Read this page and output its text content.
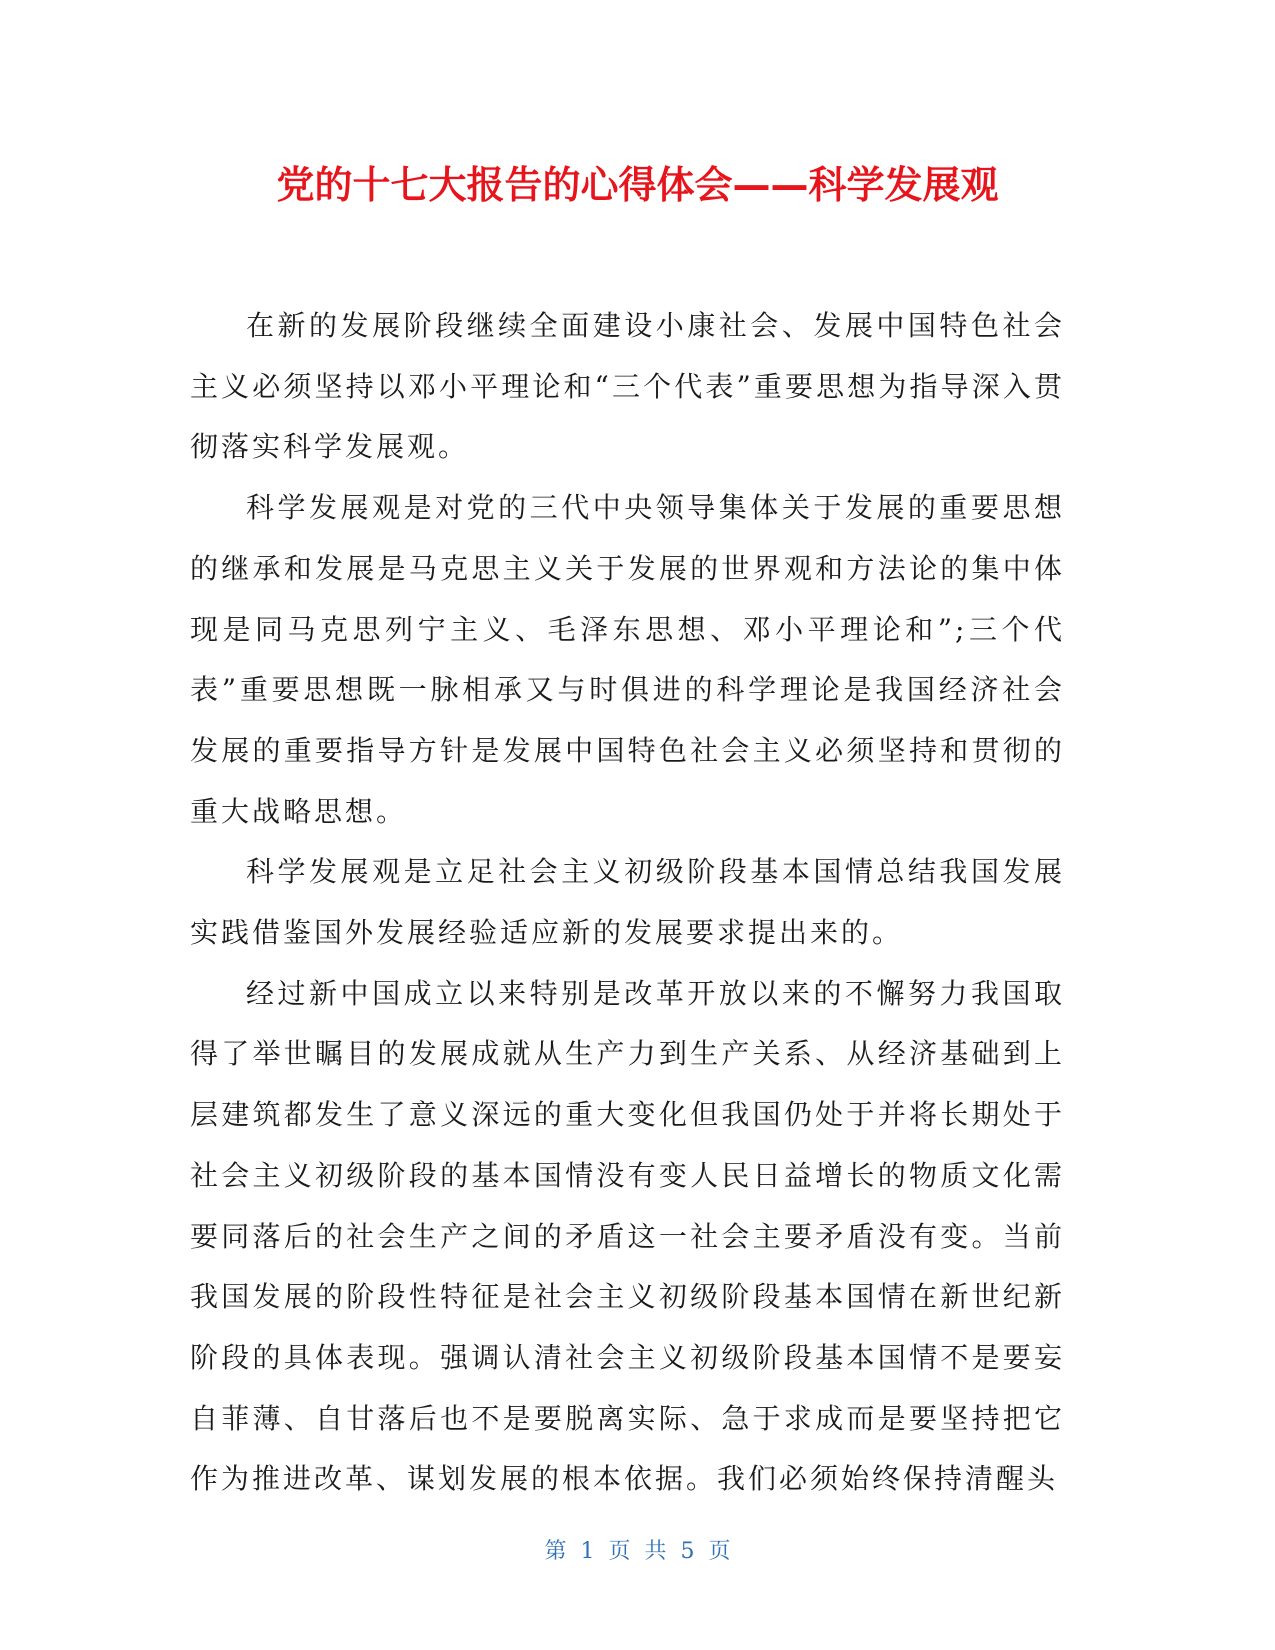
党的十七大报告的心得体会——科学发展观

在新的发展阶段继续全面建设小康社会、发展中国特色社会主义必须坚持以邓小平理论和“三个代表”重要思想为指导深入贯彻落实科学发展观。

科学发展观是对党的三代中央领导集体关于发展的重要思想的继承和发展是马克思主义关于发展的世界观和方法论的集中体现是同马克思列宁主义、毛泽东思想、邓小平理论和”;三个代表”重要思想既一脉相承又与时俱进的科学理论是我国经济社会发展的重要指导方针是发展中国特色社会主义必须坚持和贯彻的重大战略思想。

科学发展观是立足社会主义初级阶段基本国情总结我国发展实践借鉴国外发展经验适应新的发展要求提出来的。

经过新中国成立以来特别是改革开放以来的不懈努力我国取得了举世瞩目的发展成就从生产力到生产关系、从经济基础到上层建筑都发生了意义深远的重大变化但我国仍处于并将长期处于社会主义初级阶段的基本国情没有变人民日益增长的物质文化需要同落后的社会生产之间的矛盾这一社会主要矛盾没有变。当前我国发展的阶段性特征是社会主义初级阶段基本国情在新世纪新阶段的具体表现。强调认清社会主义初级阶段基本国情不是要妄自菲薄、自甘落后也不是要脱离实际、急于求成而是要坚持把它作为推进改革、谋划发展的根本依据。我们必须始终保持清醒头

第 1 页 共 5 页
